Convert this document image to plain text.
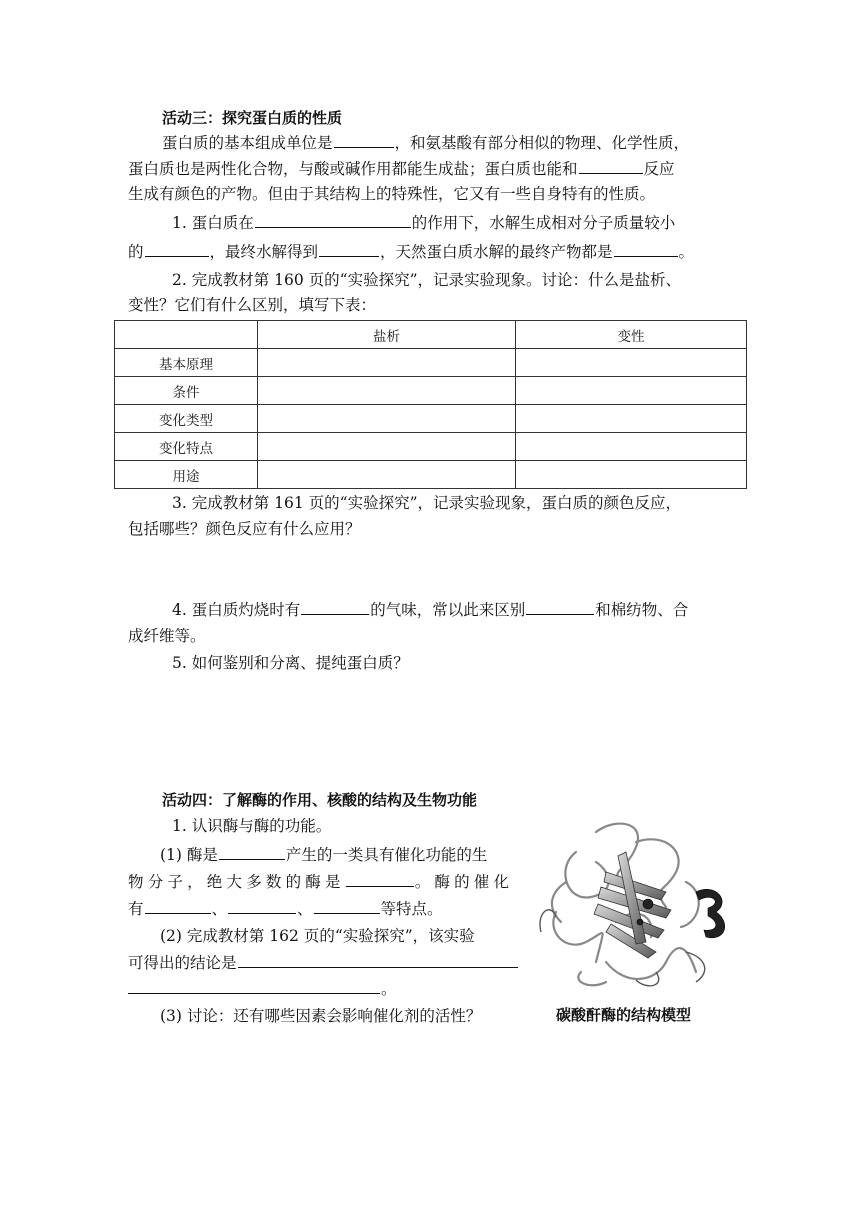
活动三：探究蛋白质的性质
蛋白质的基本组成单位是	，和氨基酸有部分相似的物理、化学性质，
蛋白质也是两性化合物，与酸或碱作用都能生成盐；蛋白质也能和	反应
生成有颜色的产物。但由于其结构上的特殊性，它又有一些自身特有的性质。
1. 蛋白质在	的作用下，水解生成相对分子质量较小
的	，最终水解得到	，天然蛋白质水解的最终产物都是	。
2. 完成教材第 160 页的“实验探究”，记录实验现象。讨论：什么是盐析、
变性？它们有什么区别，填写下表：
	盐析	变性
基本原理		
条件		
变化类型		
变化特点		
用途		
3. 完成教材第 161 页的“实验探究”，记录实验现象，蛋白质的颜色反应，
包括哪些？颜色反应有什么应用？
4. 蛋白质灼烧时有	的气味，常以此来区别	和棉纺物、合
成纤维等。
5. 如何鉴别和分离、提纯蛋白质？
活动四：了解酶的作用、核酸的结构及生物功能
1. 认识酶与酶的功能。
(1) 酶是	产生的一类具有催化功能的生
物分子，绝大多数的酶是	。酶的催化
有	、	、	等特点。
(2) 完成教材第 162 页的“实验探究”，该实验
可得出的结论是
。
(3) 讨论：还有哪些因素会影响催化剂的活性？	碳酸酐酶的结构模型
